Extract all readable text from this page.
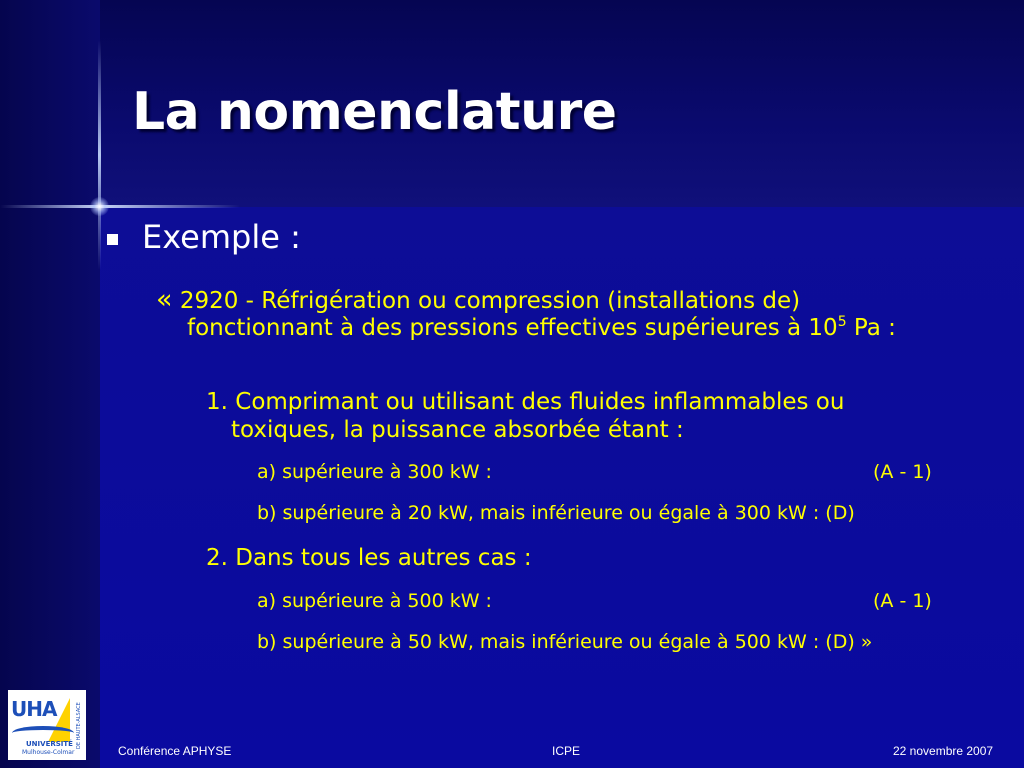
La nomenclature
Exemple :
« 2920 - Réfrigération ou compression (installations de)
fonctionnant à des pressions effectives supérieures à $10^5$ Pa :
1. Comprimant ou utilisant des fluides inflammables ou
toxiques, la puissance absorbée étant :
a) supérieure à 300 kW :	(A - 1)
b) supérieure à 20 kW, mais inférieure ou égale à 300 kW : (D)
2. Dans tous les autres cas :
a) supérieure à 500 kW :	(A - 1)
b) supérieure à 50 kW, mais inférieure ou égale à 500 kW : (D) »
UHA
UNIVERSITÉ
Mulhouse-Colmar
DE HAUTE-ALSACE
Conférence APHYSE	ICPE	22 novembre 2007
